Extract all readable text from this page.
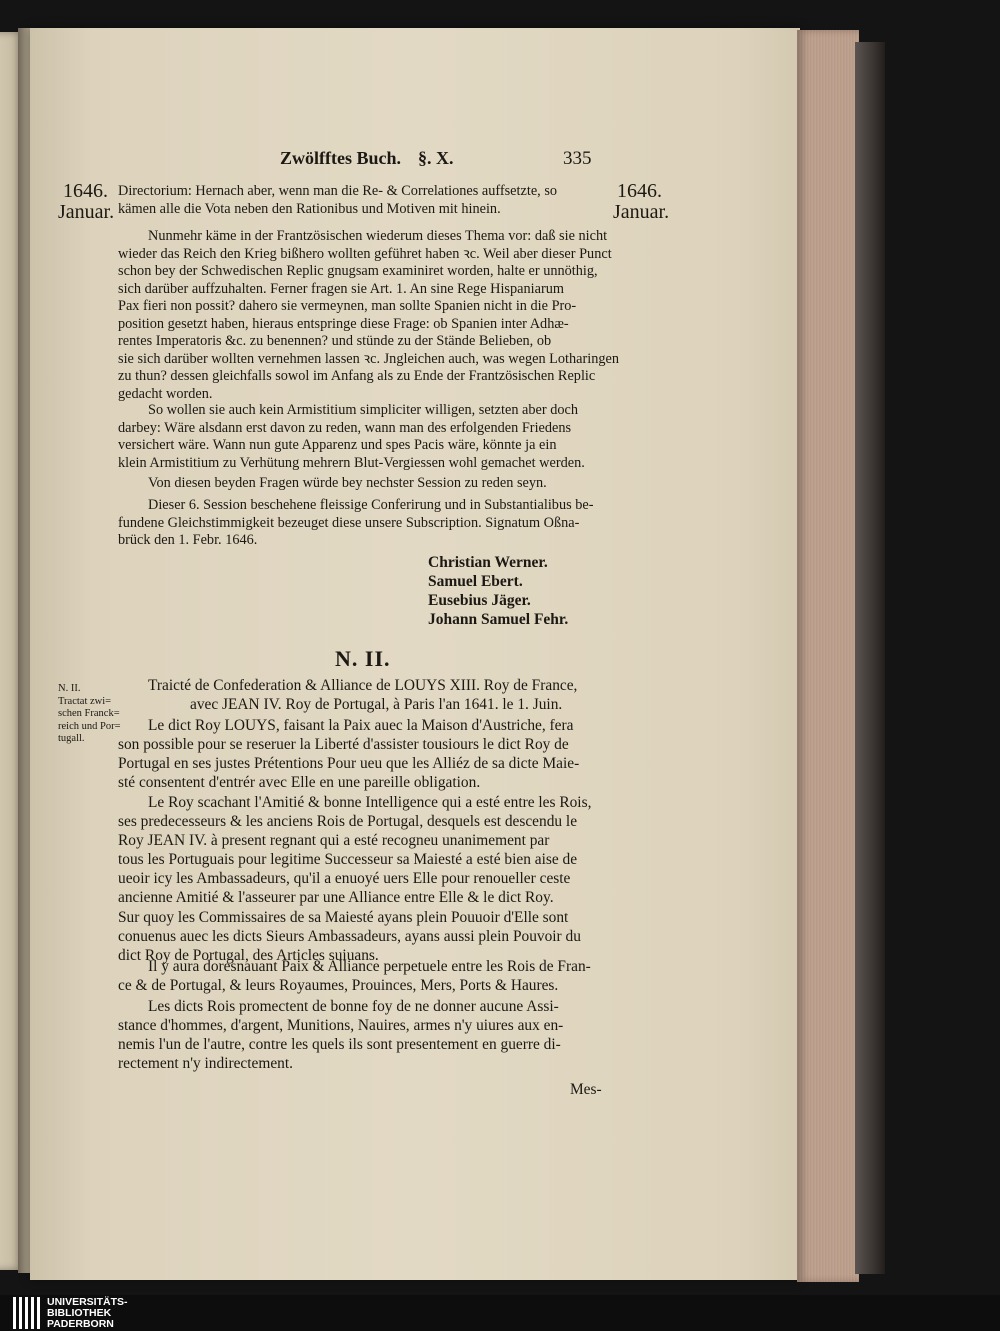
Zwölfftes Buch. §. X.	335
1646.
Januar.
1646.
Januar.
Directorium: Hernach aber, wenn man die Re- & Correlationes auffsetzte, so
kämen alle die Vota neben den Rationibus und Motiven mit hinein.
Nunmehr käme in der Frantzösischen wiederum dieses Thema vor: daß sie nicht
wieder das Reich den Krieg bißhero wollten geführet haben ꝛc. Weil aber dieser Punct
schon bey der Schwedischen Replic gnugsam examiniret worden, halte er unnöthig,
sich darüber auffzuhalten. Ferner fragen sie Art. 1. An sine Rege Hispaniarum
Pax fieri non possit? dahero sie vermeynen, man sollte Spanien nicht in die Pro-
position gesetzt haben, hieraus entspringe diese Frage: ob Spanien inter Adhæ-
rentes Imperatoris &c. zu benennen? und stünde zu der Stände Belieben, ob
sie sich darüber wollten vernehmen lassen ꝛc. Jngleichen auch, was wegen Lotharingen
zu thun? dessen gleichfalls sowol im Anfang als zu Ende der Frantzösischen Replic
gedacht worden.
So wollen sie auch kein Armistitium simpliciter willigen, setzten aber doch
darbey: Wäre alsdann erst davon zu reden, wann man des erfolgenden Friedens
versichert wäre. Wann nun gute Apparenz und spes Pacis wäre, könnte ja ein
klein Armistitium zu Verhütung mehrern Blut-Vergiessen wohl gemachet werden.
Von diesen beyden Fragen würde bey nechster Session zu reden seyn.
Dieser 6. Session beschehene fleissige Conferirung und in Substantialibus be-
fundene Gleichstimmigkeit bezeuget diese unsere Subscription. Signatum Oßna-
brück den 1. Febr. 1646.
Christian Werner.
Samuel Ebert.
Eusebius Jäger.
Johann Samuel Fehr.
N. II.
N. II.
Tractat zwi=
schen Franck=
reich und Por=
tugall.
Traicté de Confederation & Alliance de LOUYS XIII. Roy de France,
avec JEAN IV. Roy de Portugal, à Paris l'an 1641. le 1. Juin.
Le dict Roy LOUYS, faisant la Paix auec la Maison d'Austriche, fera
son possible pour se reseruer la Liberté d'assister tousiours le dict Roy de
Portugal en ses justes Prétentions Pour ueu que les Alliéz de sa dicte Maie-
sté consentent d'entrér avec Elle en une pareille obligation.
Le Roy scachant l'Amitié & bonne Intelligence qui a esté entre les Rois,
ses predecesseurs & les anciens Rois de Portugal, desquels est descendu le
Roy JEAN IV. à present regnant qui a esté recogneu unanimement par
tous les Portuguais pour legitime Successeur sa Maiesté a esté bien aise de
ueoir icy les Ambassadeurs, qu'il a enuoyé uers Elle pour renoueller ceste
ancienne Amitié & l'asseurer par une Alliance entre Elle & le dict Roy.
Sur quoy les Commissaires de sa Maiesté ayans plein Pouuoir d'Elle sont
conuenus auec les dicts Sieurs Ambassadeurs, ayans aussi plein Pouvoir du
dict Roy de Portugal, des Articles suiuans.
Il y aura doresnauant Paix & Alliance perpetuele entre les Rois de Fran-
ce & de Portugal, & leurs Royaumes, Prouinces, Mers, Ports & Haures.
Les dicts Rois promectent de bonne foy de ne donner aucune Assi-
stance d'hommes, d'argent, Munitions, Nauires, armes n'y uiures aux en-
nemis l'un de l'autre, contre les quels ils sont presentement en guerre di-
rectement n'y indirectement.
Mes-
UNIVERSITÄTS-
BIBLIOTHEK
PADERBORN
